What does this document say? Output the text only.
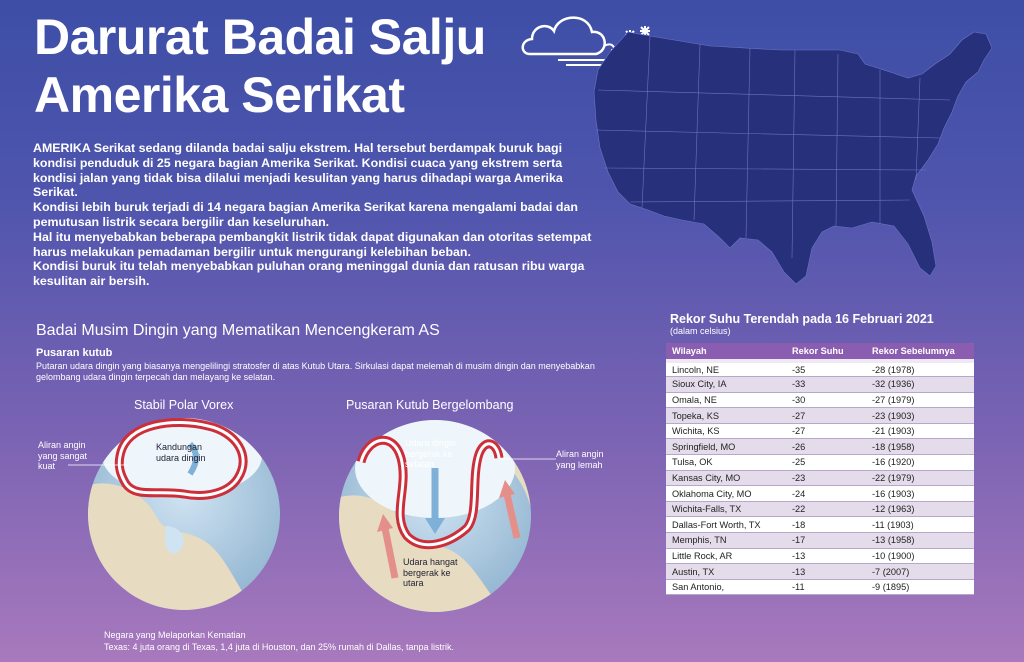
Darurat Badai Salju
Amerika Serikat

AMERIKA Serikat sedang dilanda badai salju ekstrem. Hal tersebut berdampak buruk bagi kondisi penduduk di 25 negara bagian Amerika Serikat. Kondisi cuaca yang ekstrem serta kondisi jalan yang tidak bisa dilalui menjadi kesulitan yang harus dihadapi warga Amerika Serikat.

Kondisi lebih buruk terjadi di 14 negara bagian Amerika Serikat karena mengalami badai dan pemutusan listrik secara bergilir dan keseluruhan.

Hal itu menyebabkan beberapa pembangkit listrik tidak dapat digunakan dan otoritas setempat harus melakukan pemadaman bergilir untuk mengurangi kelebihan beban.

Kondisi buruk itu telah menyebabkan puluhan orang meninggal dunia dan ratusan ribu warga kesulitan air bersih.

Badai Musim Dingin yang Mematikan Mencengkeram AS
Pusaran kutub
Putaran udara dingin yang biasanya mengelilingi stratosfer di atas Kutub Utara. Sirkulasi dapat melemah di musim dingin dan menyebabkan gelombang udara dingin terpecah dan melayang ke selatan.
Stabil Polar Vorex
Aliran angin
yang sangat
kuat
Kandungan
udara dingin
Pusaran Kutub Bergelombang
Udara dingin
bergerak ke
selatan
Aliran angin
yang lemah
Udara hangat
bergerak ke
utara
Negara yang Melaporkan Kematian
Texas: 4 juta orang di Texas, 1,4 juta di Houston, dan 25% rumah di Dallas, tanpa listrik.
Rekor Suhu Terendah pada 16 Februari 2021
(dalam celsius)
Wilayah	Rekor Suhu	Rekor Sebelumnya
Lincoln, NE	-35	-28 (1978)
Sioux City, IA	-33	-32 (1936)
Omala, NE	-30	-27 (1979)
Topeka, KS	-27	-23 (1903)
Wichita, KS	-27	-21 (1903)
Springfield, MO	-26	-18 (1958)
Tulsa, OK	-25	-16 (1920)
Kansas City, MO	-23	-22 (1979)
Oklahoma City, MO	-24	-16 (1903)
Wichita-Falls, TX	-22	-12 (1963)
Dallas-Fort Worth, TX	-18	-11 (1903)
Memphis, TN	-17	-13 (1958)
Little Rock, AR	-13	-10 (1900)
Austin, TX	-13	-7 (2007)
San Antonio,	-11	-9 (1895)
